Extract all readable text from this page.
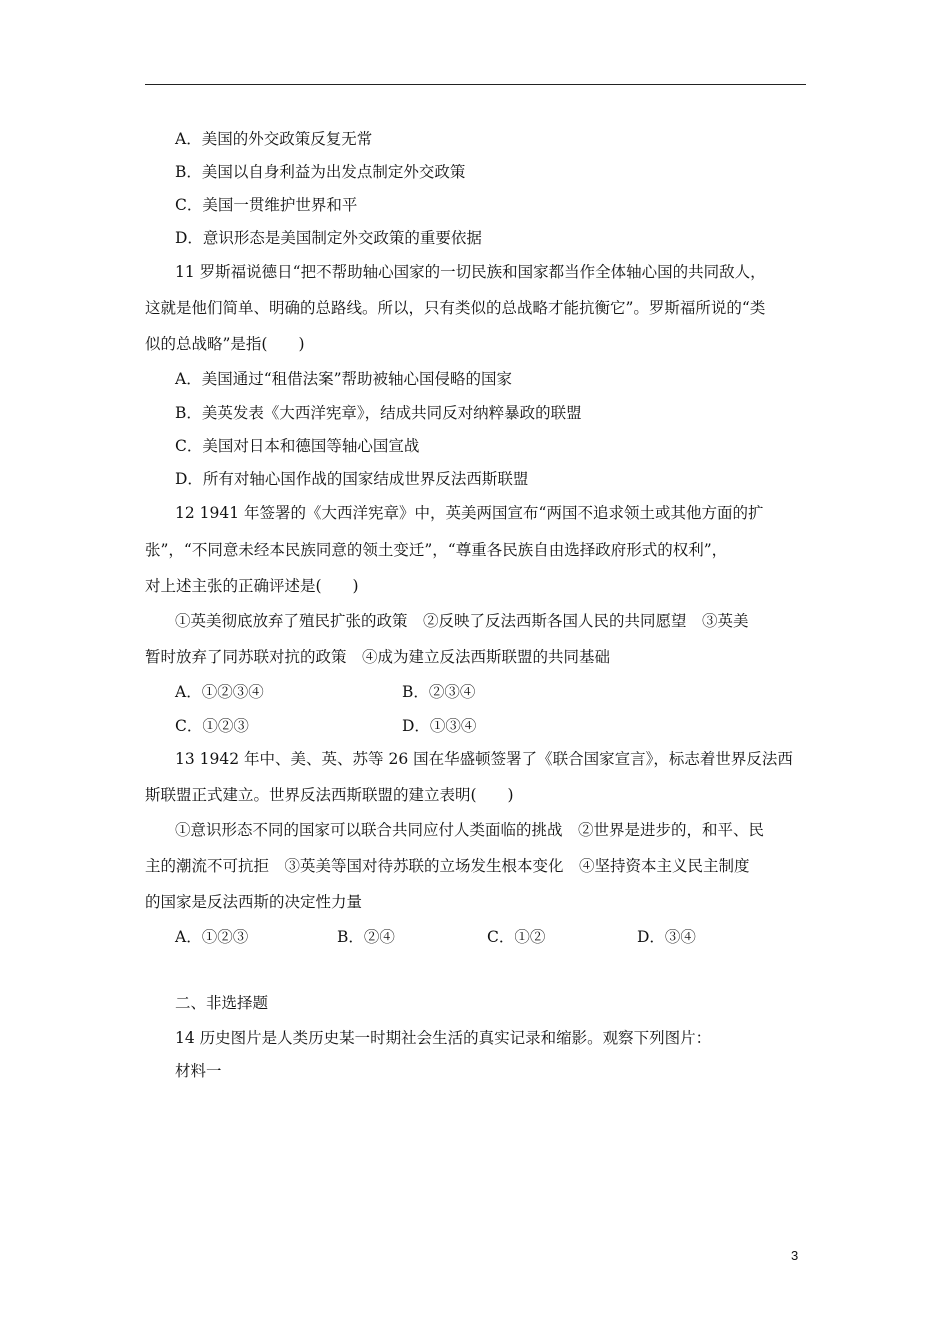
A．美国的外交政策反复无常
B．美国以自身利益为出发点制定外交政策
C．美国一贯维护世界和平
D．意识形态是美国制定外交政策的重要依据
11 罗斯福说德日“把不帮助轴心国家的一切民族和国家都当作全体轴心国的共同敌人，
这就是他们简单、明确的总路线。所以，只有类似的总战略才能抗衡它”。罗斯福所说的“类
似的总战略”是指(　　)
A．美国通过“租借法案”帮助被轴心国侵略的国家
B．美英发表《大西洋宪章》，结成共同反对纳粹暴政的联盟
C．美国对日本和德国等轴心国宣战
D．所有对轴心国作战的国家结成世界反法西斯联盟
12 1941 年签署的《大西洋宪章》中，英美两国宣布“两国不追求领土或其他方面的扩
张”，“不同意未经本民族同意的领土变迁”，“尊重各民族自由选择政府形式的权利”，
对上述主张的正确评述是(　　)
①英美彻底放弃了殖民扩张的政策　②反映了反法西斯各国人民的共同愿望　③英美
暂时放弃了同苏联对抗的政策　④成为建立反法西斯联盟的共同基础
A．①②③④	B．②③④
C．①②③	D．①③④
13 1942 年中、美、英、苏等 26 国在华盛顿签署了《联合国家宣言》，标志着世界反法西
斯联盟正式建立。世界反法西斯联盟的建立表明(　　)
①意识形态不同的国家可以联合共同应付人类面临的挑战　②世界是进步的，和平、民
主的潮流不可抗拒　③英美等国对待苏联的立场发生根本变化　④坚持资本主义民主制度
的国家是反法西斯的决定性力量
A．①②③	B．②④	C．①②	D．③④
二、非选择题
14 历史图片是人类历史某一时期社会生活的真实记录和缩影。观察下列图片：
材料一
3
